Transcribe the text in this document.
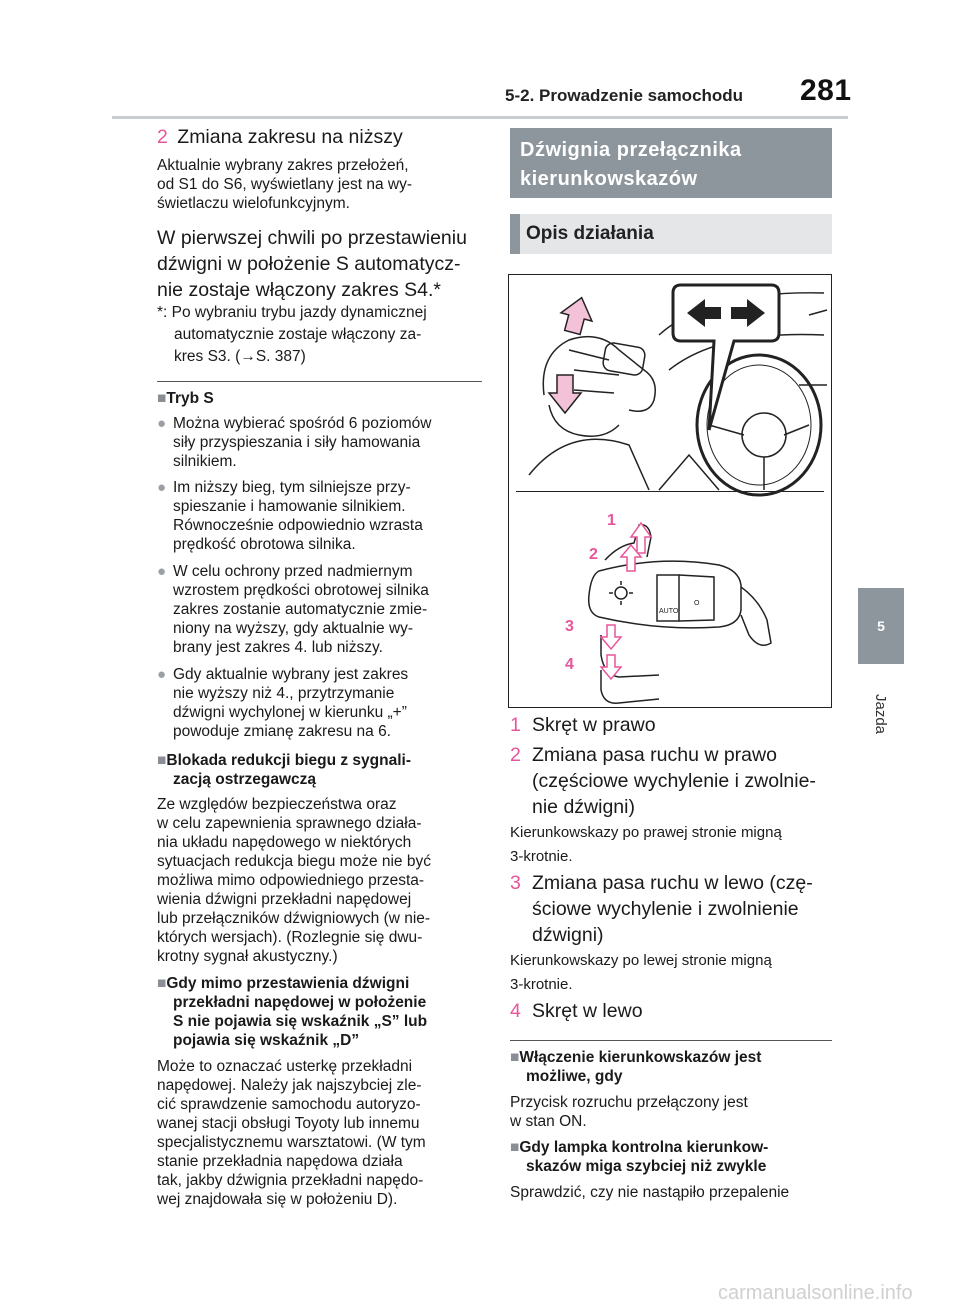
5-2. Prowadzenie samochodu 281
5
Jazda
2 Zmiana zakresu na niższy
Aktualnie wybrany zakres przełożeń,
od S1 do S6, wyświetlany jest na wy-
świetlaczu wielofunkcyjnym.
W pierwszej chwili po przestawieniu
dźwigni w położenie S automatycz-
nie zostaje włączony zakres S4.*
*: Po wybraniu trybu jazdy dynamicznej
automatycznie zostaje włączony za-
kres S3. (→S. 387)
■Tryb S
● Można wybierać spośród 6 poziomów
siły przyspieszania i siły hamowania
silnikiem.
● Im niższy bieg, tym silniejsze przy-
spieszanie i hamowanie silnikiem.
Równocześnie odpowiednio wzrasta
prędkość obrotowa silnika.
● W celu ochrony przed nadmiernym
wzrostem prędkości obrotowej silnika
zakres zostanie automatycznie zmie-
niony na wyższy, gdy aktualnie wy-
brany jest zakres 4. lub niższy.
● Gdy aktualnie wybrany jest zakres
nie wyższy niż 4., przytrzymanie
dźwigni wychylonej w kierunku „+”
powoduje zmianę zakresu na 6.
■Blokada redukcji biegu z sygnali-
zacją ostrzegawczą
Ze względów bezpieczeństwa oraz
w celu zapewnienia sprawnego działa-
nia układu napędowego w niektórych
sytuacjach redukcja biegu może nie być
możliwa mimo odpowiedniego przesta-
wienia dźwigni przekładni napędowej
lub przełączników dźwigniowych (w nie-
których wersjach). (Rozlegnie się dwu-
krotny sygnał akustyczny.)
■Gdy mimo przestawienia dźwigni
przekładni napędowej w położenie
S nie pojawia się wskaźnik „S” lub
pojawia się wskaźnik „D”
Może to oznaczać usterkę przekładni
napędowej. Należy jak najszybciej zle-
cić sprawdzenie samochodu autoryzo-
wanej stacji obsługi Toyoty lub innemu
specjalistycznemu warsztatowi. (W tym
stanie przekładnia napędowa działa
tak, jakby dźwignia przekładni napędo-
wej znajdowała się w położeniu D).
Dźwignia przełącznika
kierunkowskazów
Opis działania
AUTO
O
1
2
3
4
1 Skręt w prawo
2 Zmiana pasa ruchu w prawo
(częściowe wychylenie i zwolnie-
nie dźwigni)
Kierunkowskazy po prawej stronie migną
3-krotnie.
3 Zmiana pasa ruchu w lewo (czę-
ściowe wychylenie i zwolnienie
dźwigni)
Kierunkowskazy po lewej stronie migną
3-krotnie.
4 Skręt w lewo
■Włączenie kierunkowskazów jest
możliwe, gdy
Przycisk rozruchu przełączony jest
w stan ON.
■Gdy lampka kontrolna kierunkow-
skazów miga szybciej niż zwykle
Sprawdzić, czy nie nastąpiło przepalenie
carmanualsonline.info
